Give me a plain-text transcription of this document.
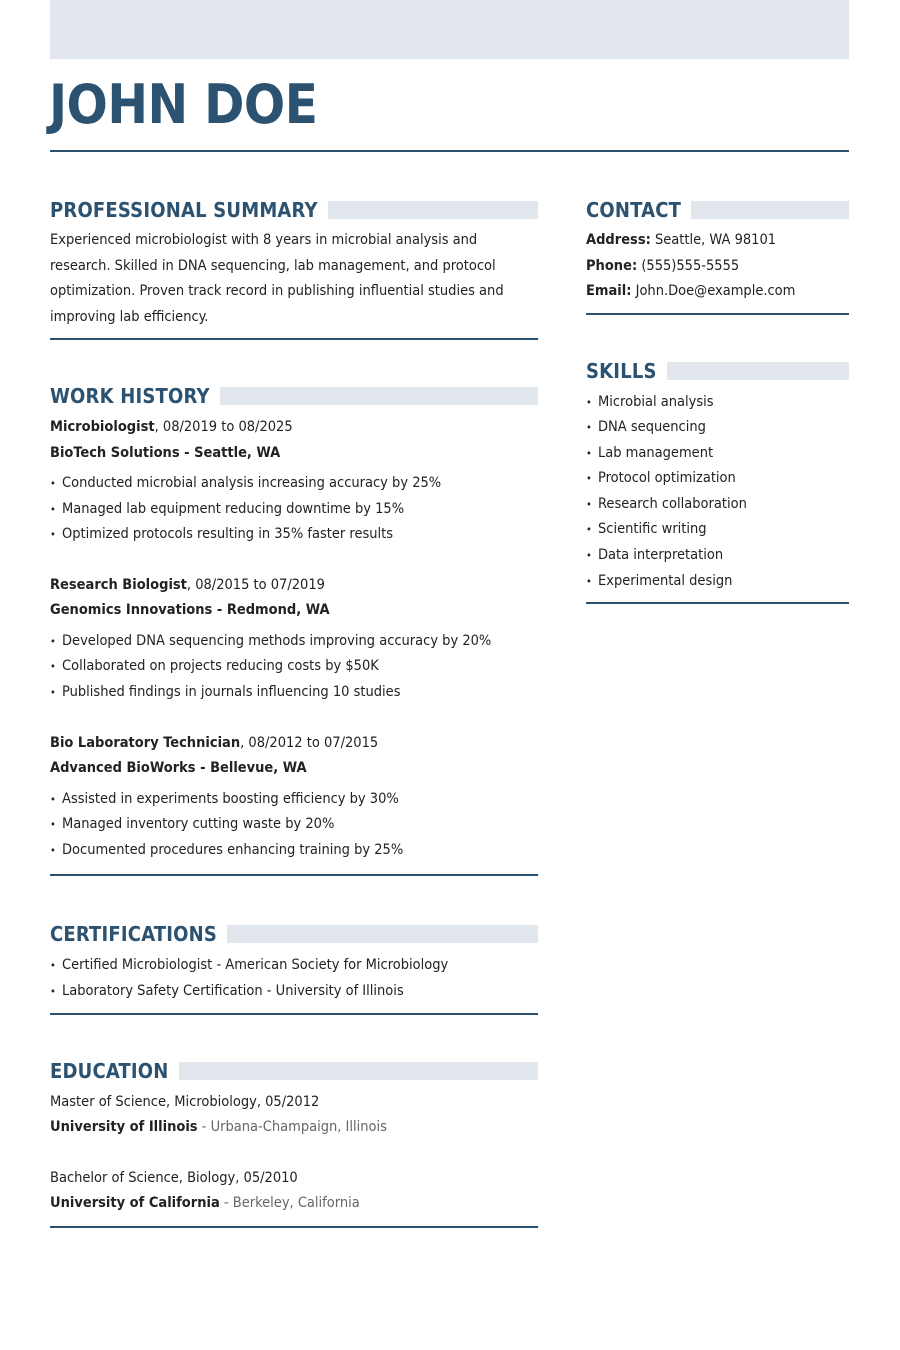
JOHN DOE
PROFESSIONAL SUMMARY
Experienced microbiologist with 8 years in microbial analysis and
research. Skilled in DNA sequencing, lab management, and protocol
optimization. Proven track record in publishing influential studies and
improving lab efficiency.
WORK HISTORY
Microbiologist, 08/2019 to 08/2025
BioTech Solutions - Seattle, WA
• Conducted microbial analysis increasing accuracy by 25%
• Managed lab equipment reducing downtime by 15%
• Optimized protocols resulting in 35% faster results
Research Biologist, 08/2015 to 07/2019
Genomics Innovations - Redmond, WA
• Developed DNA sequencing methods improving accuracy by 20%
• Collaborated on projects reducing costs by $50K
• Published findings in journals influencing 10 studies
Bio Laboratory Technician, 08/2012 to 07/2015
Advanced BioWorks - Bellevue, WA
• Assisted in experiments boosting efficiency by 30%
• Managed inventory cutting waste by 20%
• Documented procedures enhancing training by 25%
CERTIFICATIONS
• Certified Microbiologist - American Society for Microbiology
• Laboratory Safety Certification - University of Illinois
EDUCATION
Master of Science, Microbiology, 05/2012
University of Illinois - Urbana-Champaign, Illinois
Bachelor of Science, Biology, 05/2010
University of California - Berkeley, California
CONTACT
Address: Seattle, WA 98101
Phone: (555)555-5555
Email: John.Doe@example.com
SKILLS
• Microbial analysis
• DNA sequencing
• Lab management
• Protocol optimization
• Research collaboration
• Scientific writing
• Data interpretation
• Experimental design
